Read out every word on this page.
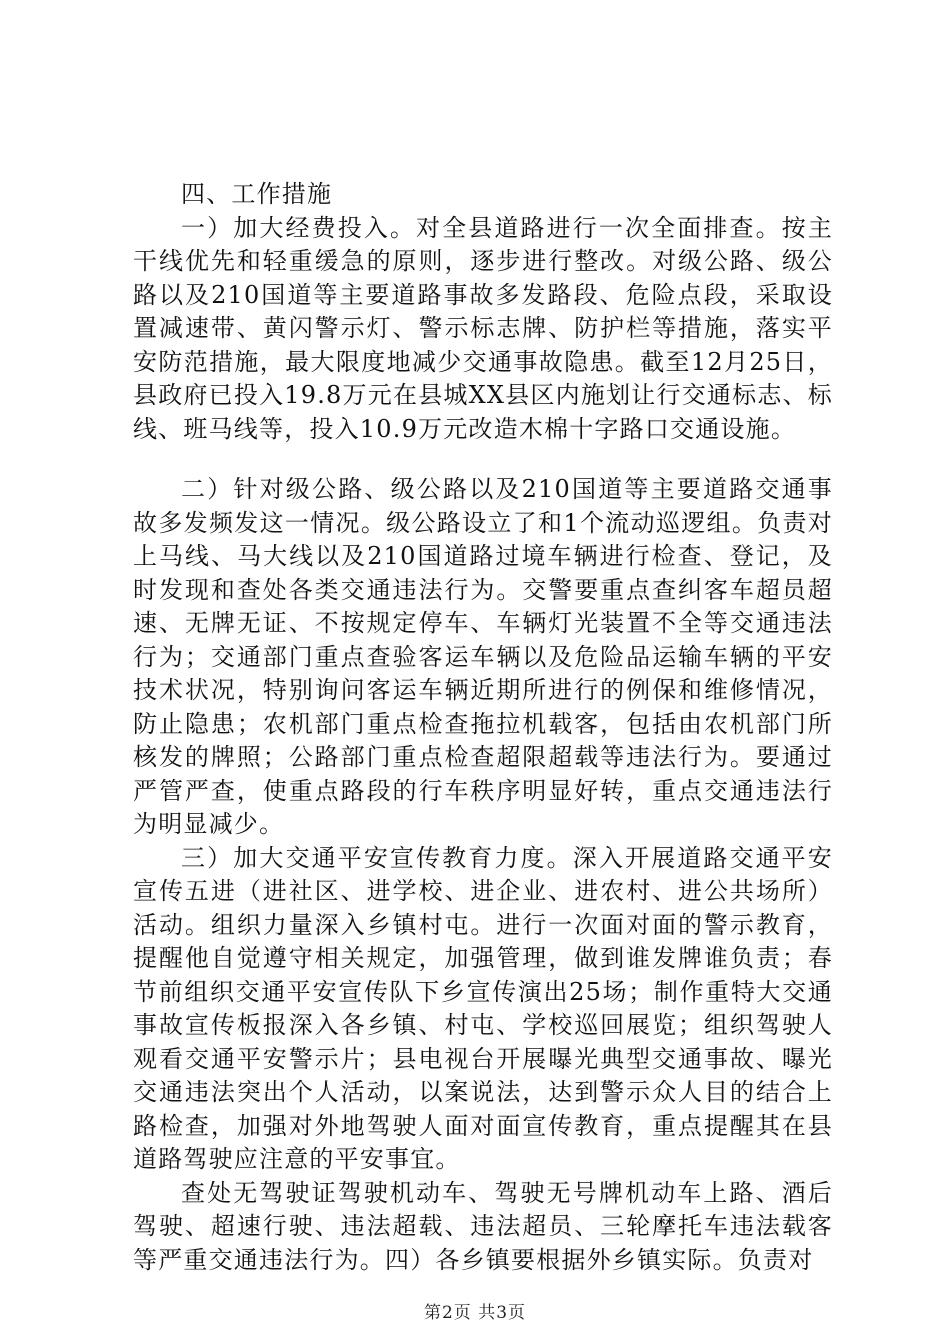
四、工作措施

一）加大经费投入。对全县道路进行一次全面排查。按主干线优先和轻重缓急的原则，逐步进行整改。对级公路、级公路以及210国道等主要道路事故多发路段、危险点段，采取设置减速带、黄闪警示灯、警示标志牌、防护栏等措施，落实平安防范措施，最大限度地减少交通事故隐患。截至12月25日，县政府已投入19.8万元在县城XX县区内施划让行交通标志、标线、班马线等，投入10.9万元改造木棉十字路口交通设施。

二）针对级公路、级公路以及210国道等主要道路交通事故多发频发这一情况。级公路设立了和1个流动巡逻组。负责对上马线、马大线以及210国道路过境车辆进行检查、登记，及时发现和查处各类交通违法行为。交警要重点查纠客车超员超速、无牌无证、不按规定停车、车辆灯光装置不全等交通违法行为；交通部门重点查验客运车辆以及危险品运输车辆的平安技术状况，特别询问客运车辆近期所进行的例保和维修情况，防止隐患；农机部门重点检查拖拉机载客，包括由农机部门所核发的牌照；公路部门重点检查超限超载等违法行为。要通过严管严查，使重点路段的行车秩序明显好转，重点交通违法行为明显减少。

三）加大交通平安宣传教育力度。深入开展道路交通平安宣传五进（进社区、进学校、进企业、进农村、进公共场所）活动。组织力量深入乡镇村屯。进行一次面对面的警示教育，提醒他自觉遵守相关规定，加强管理，做到谁发牌谁负责；春节前组织交通平安宣传队下乡宣传演出25场；制作重特大交通事故宣传板报深入各乡镇、村屯、学校巡回展览；组织驾驶人观看交通平安警示片；县电视台开展曝光典型交通事故、曝光交通违法突出个人活动，以案说法，达到警示众人目的结合上路检查，加强对外地驾驶人面对面宣传教育，重点提醒其在县道路驾驶应注意的平安事宜。

查处无驾驶证驾驶机动车、驾驶无号牌机动车上路、酒后驾驶、超速行驶、违法超载、违法超员、三轮摩托车违法载客等严重交通违法行为。四）各乡镇要根据外乡镇实际。负责对

第2页 共3页
